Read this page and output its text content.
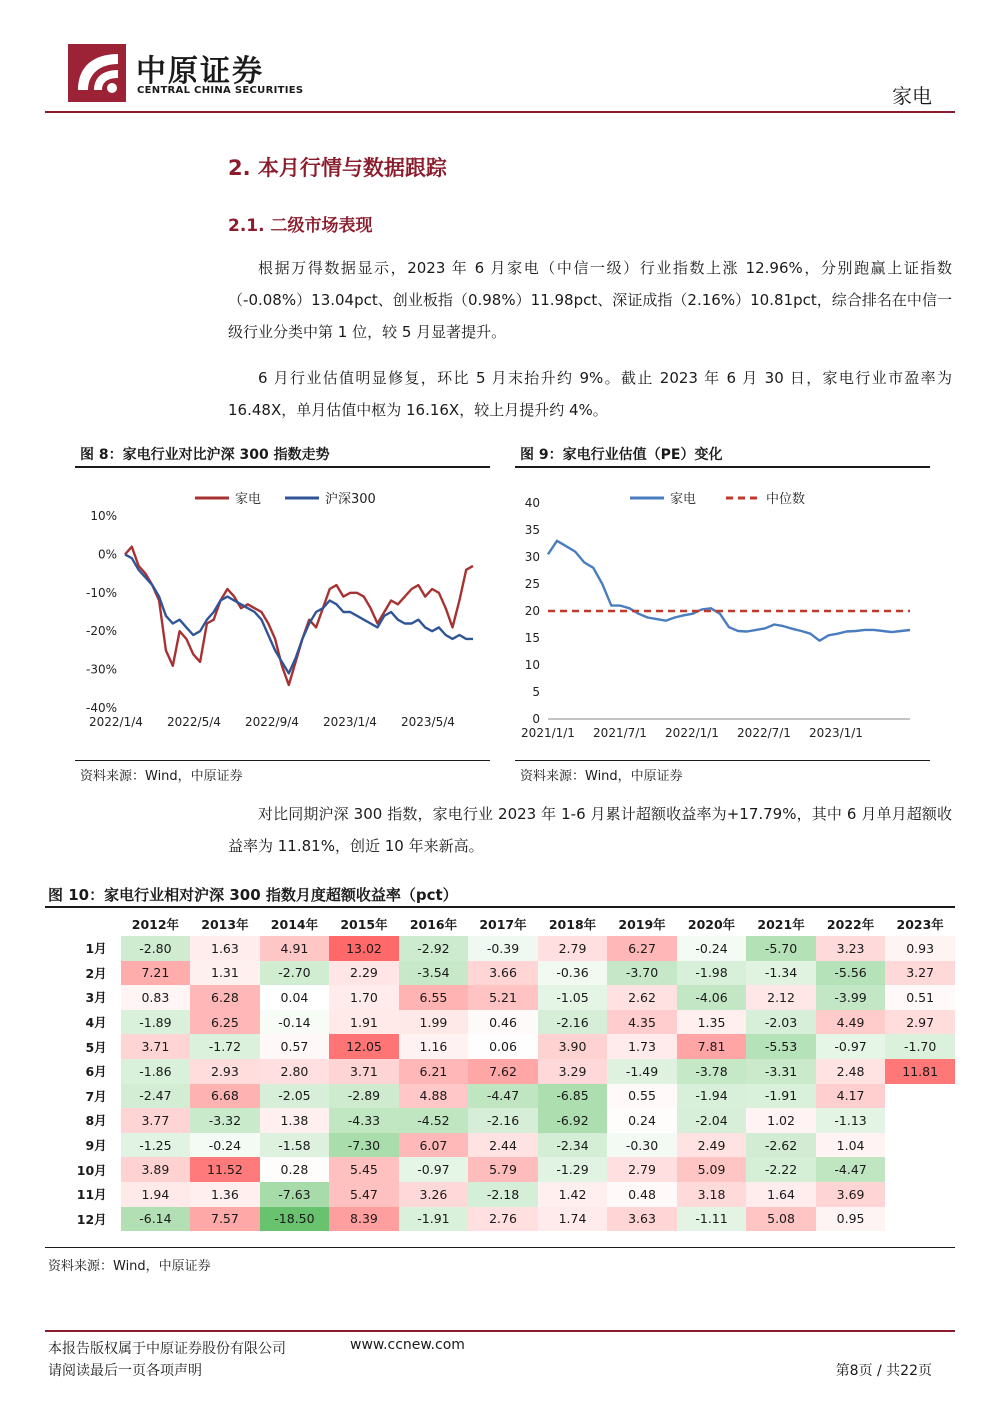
中原证券
CENTRAL CHINA SECURITIES	家电
2. 本月行情与数据跟踪
2.1. 二级市场表现
根据万得数据显示，2023 年 6 月家电（中信一级）行业指数上涨 12.96%，分别跑赢上证指数（-0.08%）13.04pct、创业板指（0.98%）11.98pct、深证成指（2.16%）10.81pct，综合排名在中信一级行业分类中第 1 位，较 5 月显著提升。
6 月行业估值明显修复，环比 5 月末抬升约 9%。截止 2023 年 6 月 30 日，家电行业市盈率为 16.48X，单月估值中枢为 16.16X，较上月提升约 4%。
图 8：家电行业对比沪深 300 指数走势
10%
0%
-10%
-20%
-30%
-40%
2022/1/4 2022/5/4 2022/9/4 2023/1/4 2023/5/4
家电	沪深300
资料来源：Wind，中原证券
图 9：家电行业估值（PE）变化
40
35
30
25
20
15
10
5
0
2021/1/1 2021/7/1 2022/1/1 2022/7/1 2023/1/1
家电	中位数
资料来源：Wind，中原证券
对比同期沪深 300 指数，家电行业 2023 年 1-6 月累计超额收益率为+17.79%，其中 6 月单月超额收益率为 11.81%，创近 10 年来新高。
图 10：家电行业相对沪深 300 指数月度超额收益率（pct）
	2012年	2013年	2014年	2015年	2016年	2017年	2018年	2019年	2020年	2021年	2022年	2023年
1月	-2.80	1.63	4.91	13.02	-2.92	-0.39	2.79	6.27	-0.24	-5.70	3.23	0.93
2月	7.21	1.31	-2.70	2.29	-3.54	3.66	-0.36	-3.70	-1.98	-1.34	-5.56	3.27
3月	0.83	6.28	0.04	1.70	6.55	5.21	-1.05	2.62	-4.06	2.12	-3.99	0.51
4月	-1.89	6.25	-0.14	1.91	1.99	0.46	-2.16	4.35	1.35	-2.03	4.49	2.97
5月	3.71	-1.72	0.57	12.05	1.16	0.06	3.90	1.73	7.81	-5.53	-0.97	-1.70
6月	-1.86	2.93	2.80	3.71	6.21	7.62	3.29	-1.49	-3.78	-3.31	2.48	11.81
7月	-2.47	6.68	-2.05	-2.89	4.88	-4.47	-6.85	0.55	-1.94	-1.91	4.17	
8月	3.77	-3.32	1.38	-4.33	-4.52	-2.16	-6.92	0.24	-2.04	1.02	-1.13	
9月	-1.25	-0.24	-1.58	-7.30	6.07	2.44	-2.34	-0.30	2.49	-2.62	1.04	
10月	3.89	11.52	0.28	5.45	-0.97	5.79	-1.29	2.79	5.09	-2.22	-4.47	
11月	1.94	1.36	-7.63	5.47	3.26	-2.18	1.42	0.48	3.18	1.64	3.69	
12月	-6.14	7.57	-18.50	8.39	-1.91	2.76	1.74	3.63	-1.11	5.08	0.95	
资料来源：Wind，中原证券
本报告版权属于中原证券股份有限公司	www.ccnew.com
请阅读最后一页各项声明	第8页 / 共22页
